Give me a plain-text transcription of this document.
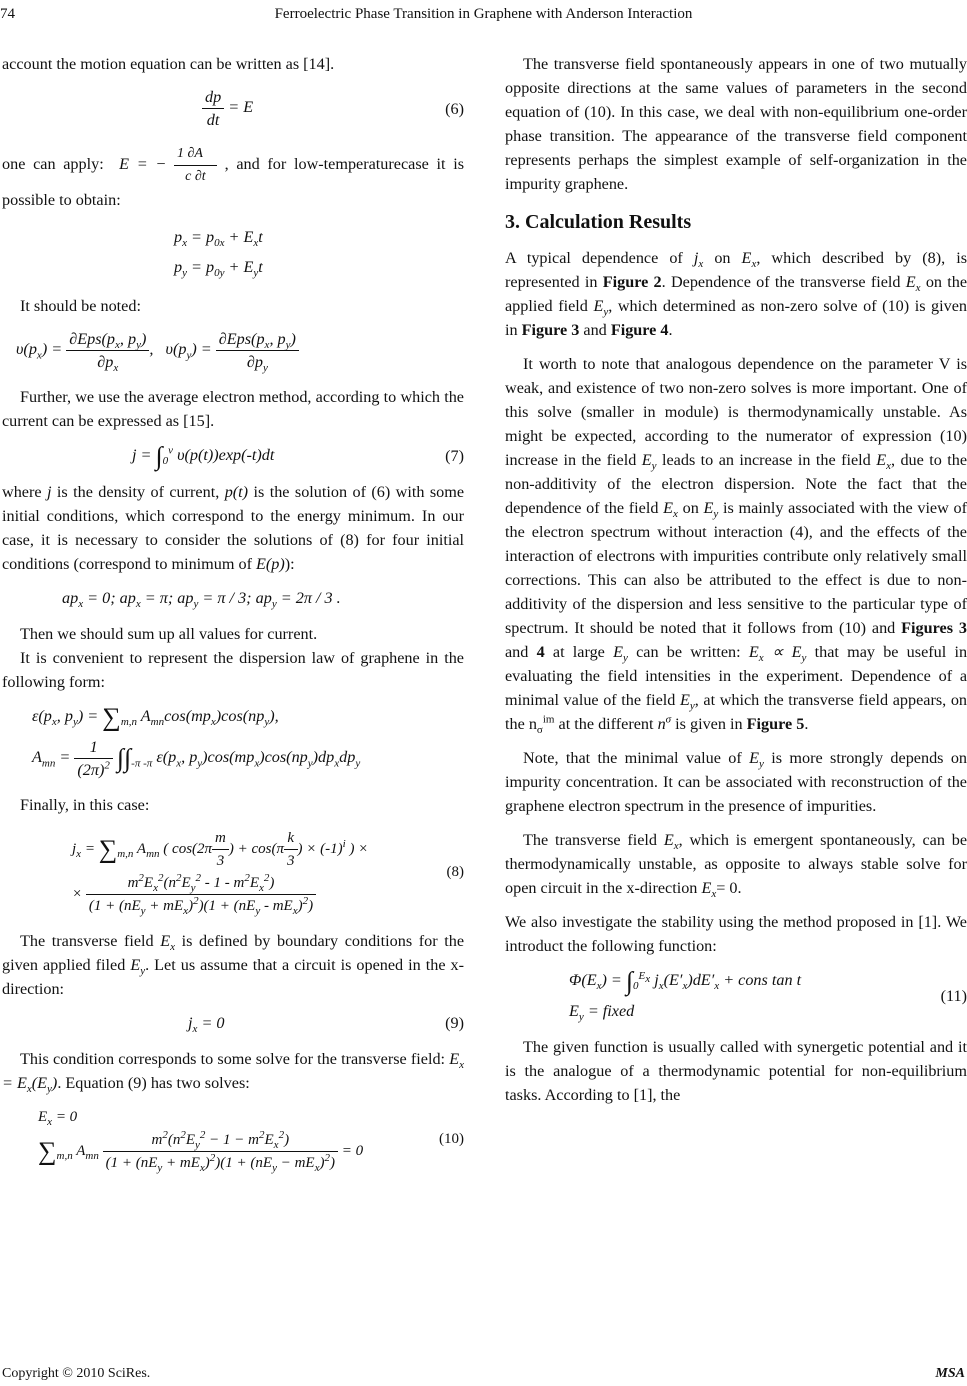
74	Ferroelectric Phase Transition in Graphene with Anderson Interaction

account the motion equation can be written as [14].

$\frac{dp}{dt} = E$	(6)

one can apply:  E = − $\frac{1 \partial A⃗}{c \partial t}$ , and for low-temperaturecase it is possible to obtain:

$p_x = p_{0x} + E_xt$
$p_y = p_{0y} + E_yt$

It should be noted:

$\upsilon(p_x) = \frac{\partial Eps(p_x, p_y)}{\partial p_x}$ ,   $\upsilon(p_y) = \frac{\partial Eps(p_x, p_y)}{\partial p_y}$

Further, we use the average electron method, according to which the current can be expressed as [15].

$j = \int_0^v$ υ(p(t))exp(-t)dt	(7)

where j is the density of current, p(t) is the solution of (6) with some initial conditions, which correspond to the energy minimum. In our case, it is necessary to consider the solutions of (8) for four initial conditions (correspond to minimum of E(p)):

$ap_x = 0$; $ap_x = \pi$; $ap_y = \pi / 3$; $ap_y = 2\pi / 3$ .

Then we should sum up all values for current.

It is convenient to represent the dispersion law of graphene in the following form:

$\varepsilon(p_x$, $p_y) = \sum_{m,n}$ $A_{mn}\cos(mp_x)\cos(np_y)$,
$A_{mn} = \frac{1}{(2\pi)^2} \int\int_{-\pi -\pi}$ $\varepsilon(p_x$, $p_y)\cos(mp_x)\cos(np_y)dp_xdp_y$

Finally, in this case:

$j_x = \sum_{m,n}$ $A_{mn}$ ( $\cos(2\pi \frac{m}{3}$ ) + $\cos(\pi \frac{k}{3}$ ) × $(-1)^i$ ) ×
× $\frac{m^2E_x^2(n^2E_y^2 - 1 - m^2E_x^2)}{(1 + (nE_y + mE_x)^2)(1 + (nE_y - mE_x)^2)}$	(8)

The transverse field $E_x$ is defined by boundary conditions for the given applied filed $E_y$. Let us assume that a circuit is opened in the x-direction:

$j_x = 0$	(9)

This condition corresponds to some solve for the transverse field: $E_x = E_x(E_y)$. Equation (9) has two solves:

$E_x = 0$
$\sum_{m,n}$ $A_{mn} \frac{m^2(n^2E_y^2 - 1 - m^2E_x^2)}{(1 + (nE_y + mE_x)^2)(1 + (nE_y - mE_x)^2)} = 0$
(10)

The transverse field spontaneously appears in one of two mutually opposite directions at the same values of parameters in the second equation of (10). In this case, we deal with non-equilibrium one-order phase transition. The appearance of the transverse field component represents perhaps the simplest example of self-organization in the impurity graphene.

3. Calculation Results

A typical dependence of $j_x$ on $E_x$, which described by (8), is represented in Figure 2. Dependence of the transverse field $E_x$ on the applied field $E_y$, which determined as non-zero solve of (10) is given in Figure 3 and Figure 4.

It worth to note that analogous dependence on the parameter V is weak, and existence of two non-zero solves is more important. One of this solve (smaller in module) is thermodynamically unstable. As might be expected, according to the numerator of expression (10) increase in the field $E_y$ leads to an increase in the field $E_x$, due to the non-additivity of the electron dispersion. Note the fact that the dependence of the field $E_x$ on $E_y$ is mainly associated with the view of the electron spectrum without interaction (4), and the effects of the interaction of electrons with impurities contribute only relatively small corrections. This can also be attributed to the effect is due to non-additivity of the dispersion and less sensitive to the particular type of spectrum. It should be noted that it follows from (10) and Figures 3 and 4 at large $E_y$ can be written: $E_x \propto E_y$ that may be useful in evaluating the field intensities in the experiment. Dependence of a minimal value of the field $E_y$, at which the transverse field appears, on the $n_\sigma^{im}$ at the different $n^\sigma$ is given in Figure 5.

Note, that the minimal value of $E_y$ is more strongly depends on impurity concentration. It can be associated with reconstruction of the graphene electron spectrum in the presence of impurities.

The transverse field $E_x$, which is emergent spontaneously, can be thermodynamically unstable, as opposite to always stable solve for open circuit in the x-direction $E_x= 0$.

We also investigate the stability using the method proposed in [1]. We introduct the following function:

$\Phi(E_x) = \int_0^{E_x}$ $j_x(E'_x)dE'_x$ + cons tan t
$E_y$ = fixed
(11)

The given function is usually called with synergetic potential and it is the analogue of a thermodynamic potential for non-equilibrium tasks. According to [1], the

Copyright © 2010 SciRes.	MSA
